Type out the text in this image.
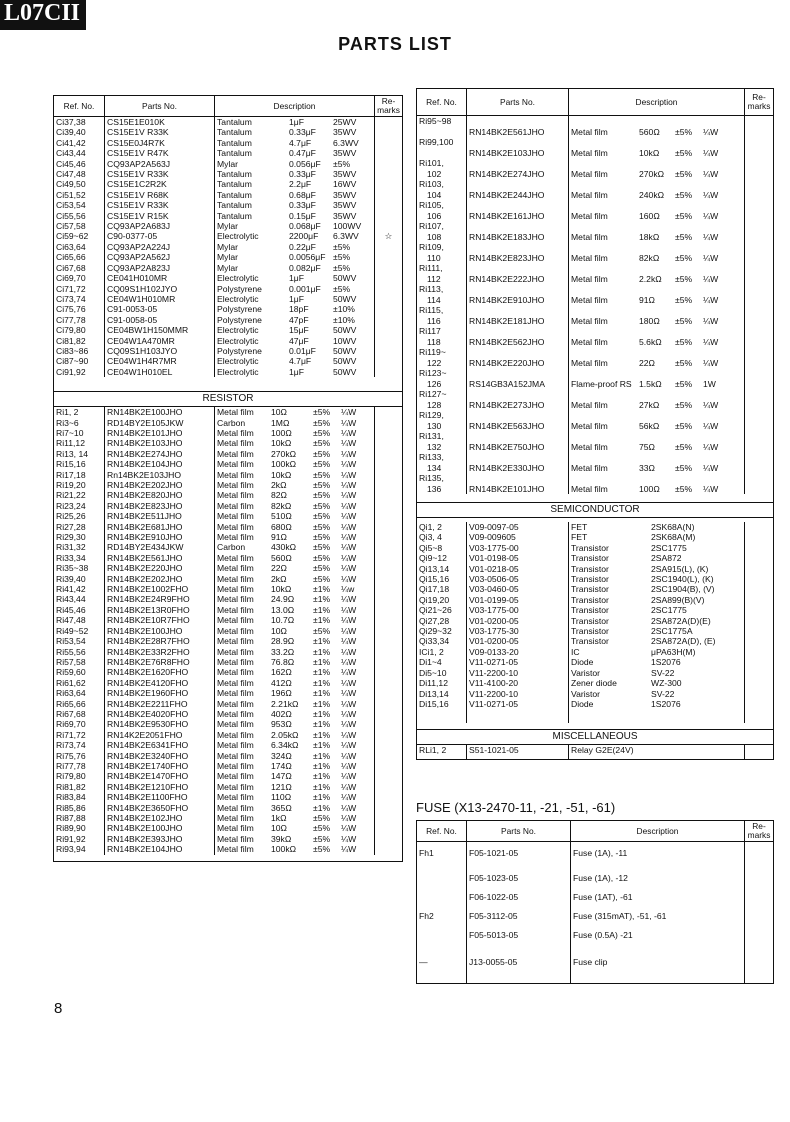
L07CII
PARTS LIST
Ref. No.	Parts No.	Description	Re-
marks
Ci37,38	CS15E1E010K	Tantalum 1μF 25WV	
Ci39,40	CS15E1V R33K	Tantalum 0.33μF 35WV	
Ci41,42	CS15E0J4R7K	Tantalum 4.7μF 6.3WV	
Ci43,44	CS15E1V R47K	Tantalum 0.47μF 35WV	
Ci45,46	CQ93AP2A563J	Mylar 0.056μF ±5%	
Ci47,48	CS15E1V R33K	Tantalum 0.33μF 35WV	
Ci49,50	CS15E1C2R2K	Tantalum 2.2μF 16WV	
Ci51,52	CS15E1V R68K	Tantalum 0.68μF 35WV	
Ci53,54	CS15E1V R33K	Tantalum 0.33μF 35WV	
Ci55,56	CS15E1V R15K	Tantalum 0.15μF 35WV	
Ci57,58	CQ93AP2A683J	Mylar 0.068μF 100WV	
Ci59~62	C90-0377-05	Electrolytic 2200μF 6.3WV	☆
Ci63,64	CQ93AP2A224J	Mylar 0.22μF ±5%	
Ci65,66	CQ93AP2A562J	Mylar 0.0056μF ±5%	
Ci67,68	CQ93AP2A823J	Mylar 0.082μF ±5%	
Ci69,70	CE041H010MR	Electrolytic 1μF 50WV	
Ci71,72	CQ09S1H102JYO	Polystyrene 0.001μF ±5%	
Ci73,74	CE04W1H010MR	Electrolytic 1μF 50WV	
Ci75,76	C91-0053-05	Polystyrene 18pF ±10%	
Ci77,78	C91-0058-05	Polystyrene 47pF ±10%	
Ci79,80	CE04BW1H150MMR	Electrolytic 15μF 50WV	
Ci81,82	CE04W1A470MR	Electrolytic 47μF 10WV	
Ci83~86	CQ09S1H103JYO	Polystyrene 0.01μF 50WV	
Ci87~90	CE04W1H4R7MR	Electrolytic 4.7μF 50WV	
Ci91,92	CE04W1H010EL	Electrolytic 1μF 50WV	

RESISTOR			
Ri1, 2	RN14BK2E100JHO	Metal film 10Ω ±5% ¼W	
Ri3~6	RD14BY2E105JKW	Carbon 1MΩ ±5% ¼W	
Ri7~10	RN14BK2E101JHO	Metal film 100Ω ±5% ¼W	
Ri11,12	RN14BK2E103JHO	Metal film 10kΩ ±5% ¼W	
Ri13, 14	RN14BK2E274JHO	Metal film 270kΩ ±5% ¼W	
Ri15,16	RN14BK2E104JHO	Metal film 100kΩ ±5% ¼W	
Ri17,18	Rn14BK2E103JHO	Metal film 10kΩ ±5% ¼W	
Ri19,20	RN14BK2E202JHO	Metal film 2kΩ ±5% ¼W	
Ri21,22	RN14BK2E820JHO	Metal film 82Ω ±5% ¼W	
Ri23,24	RN14BK2E823JHO	Metal film 82kΩ ±5% ¼W	
Ri25,26	RN14BK2E511JHO	Metal film 510Ω ±5% ¼W	
Ri27,28	RN14BK2E681JHO	Metal film 680Ω ±5% ¼W	
Ri29,30	RN14BK2E910JHO	Metal film 91Ω ±5% ¼W	
Ri31,32	RD14BY2E434JKW	Carbon 430kΩ ±5% ¼W	
Ri33,34	RN14BK2E561JHO	Metal film 560Ω ±5% ¼W	
Ri35~38	RN14BK2E220JHO	Metal film 22Ω ±5% ¼W	
Ri39,40	RN14BK2E202JHO	Metal film 2kΩ ±5% ¼W	
Ri41,42	RN14BK2E1002FHO	Metal film 10kΩ ±1% ¼w	
Ri43,44	RN14BK2E24R9FHO	Metal film 24.9Ω ±1% ¼W	
Ri45,46	RN14BK2E13R0FHO	Metal film 13.0Ω ±1% ¼W	
Ri47,48	RN14BK2E10R7FHO	Metal film 10.7Ω ±1% ¼W	
Ri49~52	RN14BK2E100JHO	Metal film 10Ω ±5% ¼W	
Ri53,54	RN14BK2E28R7FHO	Metal film 28.9Ω ±1% ¼W	
Ri55,56	RN14BK2E33R2FHO	Metal film 33.2Ω ±1% ¼W	
Ri57,58	RN14BK2E76R8FHO	Metal film 76.8Ω ±1% ¼W	
Ri59,60	RN14BK2E1620FHO	Metal film 162Ω ±1% ¼W	
Ri61,62	RN14BK2E4120FHO	Metal film 412Ω ±1% ¼W	
Ri63,64	RN14BK2E1960FHO	Metal film 196Ω ±1% ¼W	
Ri65,66	RN14BK2E2211FHO	Metal film 2.21kΩ ±1% ¼W	
Ri67,68	RN14BK2E4020FHO	Metal film 402Ω ±1% ¼W	
Ri69,70	RN14BK2E9530FHO	Metal film 953Ω ±1% ¼W	
Ri71,72	RN14K2E2051FHO	Metal film 2.05kΩ ±1% ¼W	
Ri73,74	RN14BK2E6341FHO	Metal film 6.34kΩ ±1% ¼W	
Ri75,76	RN14BK2E3240FHO	Metal film 324Ω ±1% ¼W	
Ri77,78	RN14BK2E1740FHO	Metal film 174Ω ±1% ¼W	
Ri79,80	RN14BK2E1470FHO	Metal film 147Ω ±1% ¼W	
Ri81,82	RN14BK2E1210FHO	Metal film 121Ω ±1% ¼W	
Ri83,84	RN14BK2E1100FHO	Metal film 110Ω ±1% ¼W	
Ri85,86	RN14BK2E3650FHO	Metal film 365Ω ±1% ¼W	
Ri87,88	RN14BK2E102JHO	Metal film 1kΩ ±5% ¼W	
Ri89,90	RN14BK2E100JHO	Metal film 10Ω ±5% ¼W	
Ri91,92	RN14BK2E393JHO	Metal film 39kΩ ±5% ¼W	
Ri93,94	RN14BK2E104JHO	Metal film 100kΩ ±5% ¼W	

Ref. No.	Parts No.	Description	Re-
marks
Ri95~98	RN14BK2E561JHO	Metal film 560Ω ±5% ¼W	
Ri99,100	RN14BK2E103JHO	Metal film 10kΩ ±5% ¼W	

Ri101,
102	RN14BK2E274JHO	Metal film 270kΩ ±5% ¼W	

Ri103,
104	RN14BK2E244JHO	Metal film 240kΩ ±5% ¼W	

Ri105,
106	RN14BK2E161JHO	Metal film 160Ω ±5% ¼W	

Ri107,
108	RN14BK2E183JHO	Metal film 18kΩ ±5% ¼W	

Ri109,
110	RN14BK2E823JHO	Metal film 82kΩ ±5% ¼W	

Ri111,
112	RN14BK2E222JHO	Metal film 2.2kΩ ±5% ¼W	

Ri113,
114	RN14BK2E910JHO	Metal film 91Ω ±5% ¼W	

Ri115,
116	RN14BK2E181JHO	Metal film 180Ω ±5% ¼W	

Ri117
118	RN14BK2E562JHO	Metal film 5.6kΩ ±5% ¼W	

Ri119~
122	RN14BK2E220JHO	Metal film 22Ω ±5% ¼W	

Ri123~
126	RS14GB3A152JMA	Flame-proof RS 1.5kΩ ±5% 1W	

Ri127~
128	RN14BK2E273JHO	Metal film 27kΩ ±5% ¼W	

Ri129,
130	RN14BK2E563JHO	Metal film 56kΩ ±5% ¼W	

Ri131,
132	RN14BK2E750JHO	Metal film 75Ω ±5% ¼W	

Ri133,
134	RN14BK2E330JHO	Metal film 33Ω ±5% ¼W	

Ri135,
136	RN14BK2E101JHO	Metal film 100Ω ±5% ¼W	

SEMICONDUCTOR			

Qi1, 2	V09-0097-05	FET 2SK68A(N)	
Qi3, 4	V09-009605	FET 2SK68A(M)	
Qi5~8	V03-1775-00	Transistor 2SC1775	
Qi9~12	V01-0198-05	Transistor 2SA872	
Qi13,14	V01-0218-05	Transistor 2SA915(L), (K)	
Qi15,16	V03-0506-05	Transistor 2SC1940(L), (K)	
Qi17,18	V03-0460-05	Transistor 2SC1904(B), (V)	
Qi19,20	V01-0199-05	Transistor 2SA899(B)(V)	
Qi21~26	V03-1775-00	Transistor 2SC1775	
Qi27,28	V01-0200-05	Transistor 2SA872A(D)(E)	
Qi29~32	V03-1775-30	Transistor 2SC1775A	
Qi33,34	V01-0200-05	Transistor 2SA872A(D), (E)	
ICi1, 2	V09-0133-20	IC μPA63H(M)	
Di1~4	V11-0271-05	Diode 1S2076	
Di5~10	V11-2200-10	Varistor SV-22	
Di11,12	V11-4100-20	Zener diode WZ-300	
Di13,14	V11-2200-10	Varistor SV-22	
Di15,16	V11-0271-05	Diode 1S2076	

MISCELLANEOUS			
RLi1, 2	S51-1021-05	Relay G2E(24V)	
FUSE (X13-2470-11, -21, -51, -61)
Ref. No.	Parts No.	Description	Re-
marks
Fh1	F05-1021-05	Fuse (1A), -11	
	F05-1023-05	Fuse (1A), -12	
	F06-1022-05	Fuse (1AT), -61	
Fh2	F05-3112-05	Fuse (315mAT), -51, -61	
	F05-5013-05	Fuse (0.5A) -21	
—	J13-0055-05	Fuse clip	

8
